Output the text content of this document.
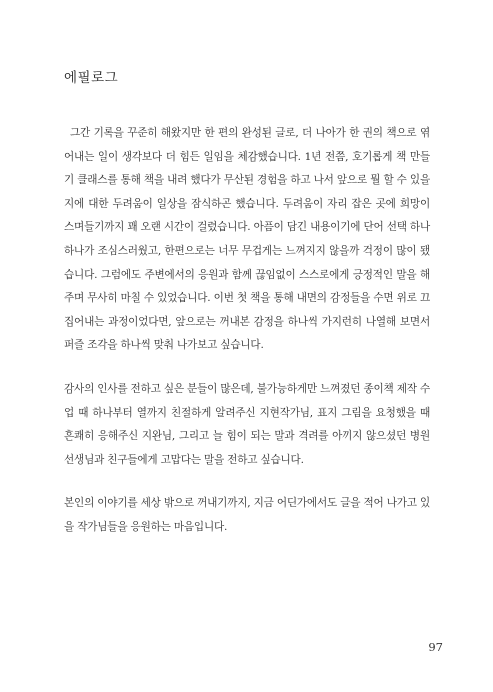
에필로그

그간 기록을 꾸준히 해왔지만 한 편의 완성된 글로, 더 나아가 한 권의 책으로 엮어내는 일이 생각보다 더 힘든 일임을 체감했습니다. 1년 전쯤, 호기롭게 책 만들기 클래스를 통해 책을 내려 했다가 무산된 경험을 하고 나서 앞으로 뭘 할 수 있을지에 대한 두려움이 일상을 잠식하곤 했습니다. 두려움이 자리 잡은 곳에 희망이 스며들기까지 꽤 오랜 시간이 걸렸습니다. 아픔이 담긴 내용이기에 단어 선택 하나하나가 조심스러웠고, 한편으로는 너무 무겁게는 느껴지지 않을까 걱정이 많이 됐습니다. 그럼에도 주변에서의 응원과 함께 끊임없이 스스로에게 긍정적인 말을 해주며 무사히 마칠 수 있었습니다. 이번 첫 책을 통해 내면의 감정들을 수면 위로 끄집어내는 과정이었다면, 앞으로는 꺼내본 감정을 하나씩 가지런히 나열해 보면서 퍼즐 조각을 하나씩 맞춰 나가보고 싶습니다.

감사의 인사를 전하고 싶은 분들이 많은데, 불가능하게만 느껴졌던 종이책 제작 수업 때 하나부터 열까지 친절하게 알려주신 지현작가님, 표지 그림을 요청했을 때 흔쾌히 응해주신 지완님, 그리고 늘 힘이 되는 말과 격려를 아끼지 않으셨던 병원 선생님과 친구들에게 고맙다는 말을 전하고 싶습니다.

본인의 이야기를 세상 밖으로 꺼내기까지, 지금 어딘가에서도 글을 적어 나가고 있을 작가님들을 응원하는 마음입니다.

97
